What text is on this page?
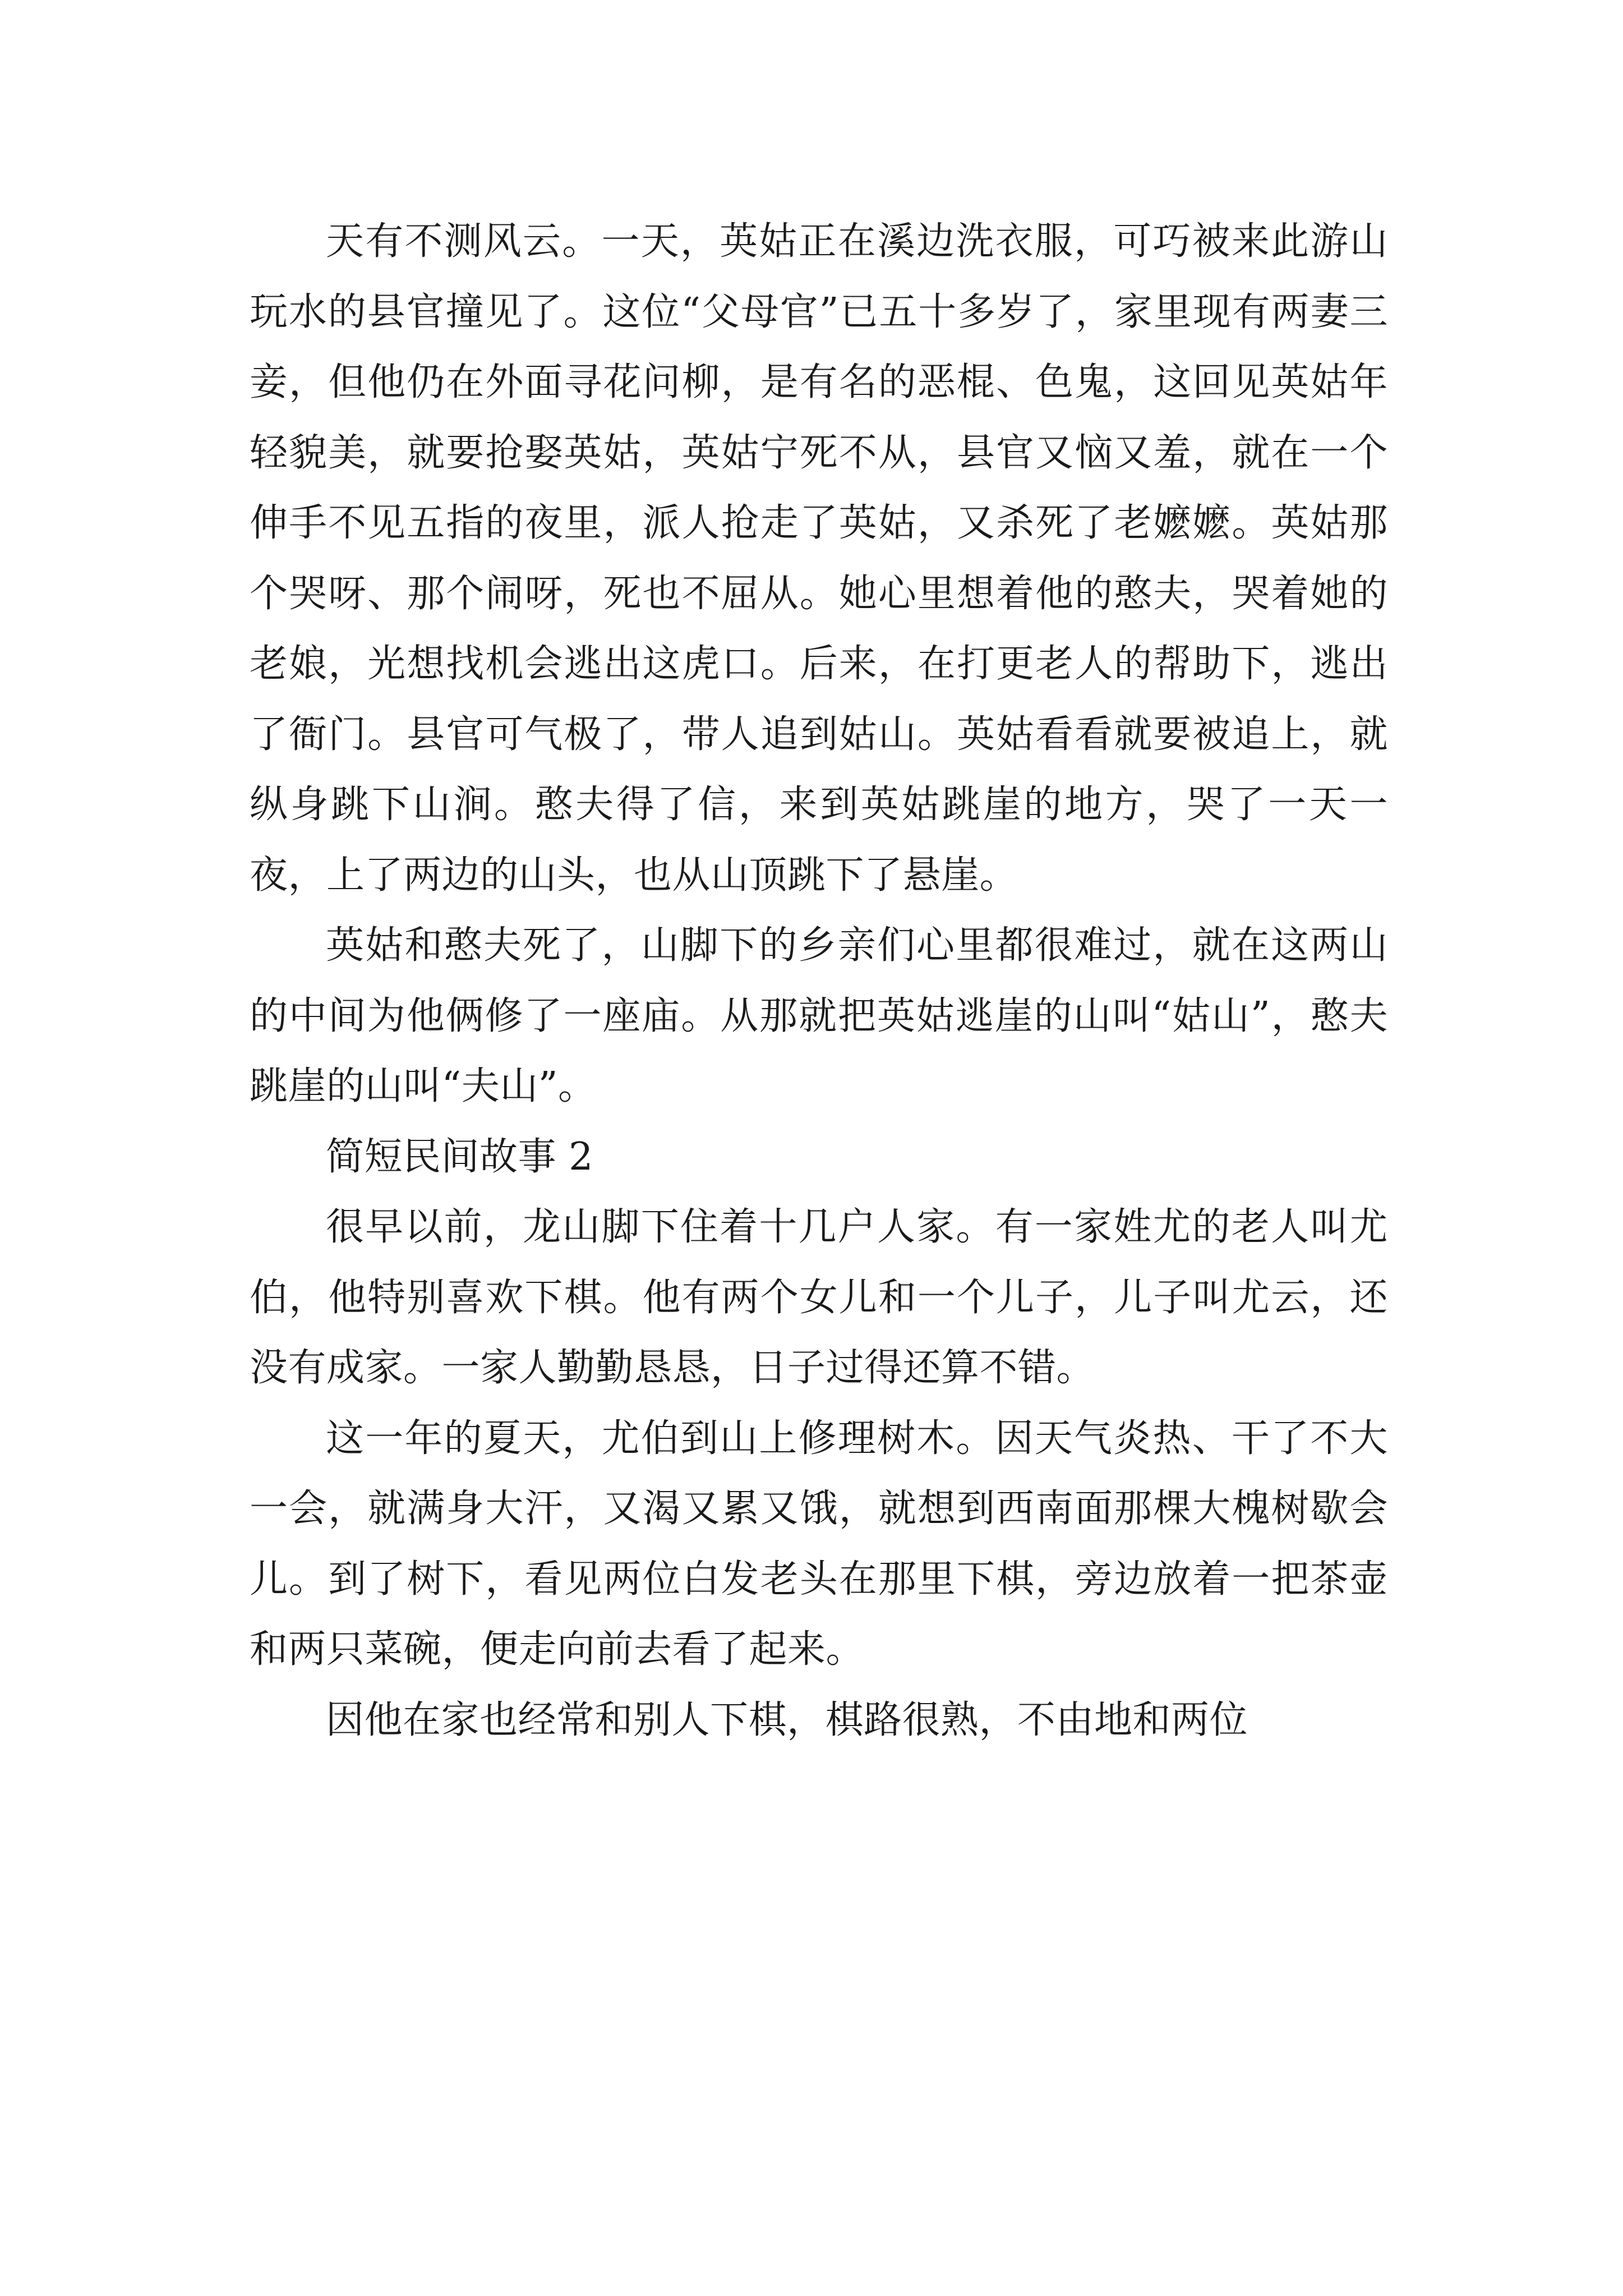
天有不测风云。一天，英姑正在溪边洗衣服，可巧被来此游山玩水的县官撞见了。这位“父母官”已五十多岁了，家里现有两妻三妾，但他仍在外面寻花问柳，是有名的恶棍、色鬼，这回见英姑年轻貌美，就要抢娶英姑，英姑宁死不从，县官又恼又羞，就在一个伸手不见五指的夜里，派人抢走了英姑，又杀死了老嬷嬷。英姑那个哭呀、那个闹呀，死也不屈从。她心里想着他的憨夫，哭着她的老娘，光想找机会逃出这虎口。后来，在打更老人的帮助下，逃出了衙门。县官可气极了，带人追到姑山。英姑看看就要被追上，就纵身跳下山涧。憨夫得了信，来到英姑跳崖的地方，哭了一天一夜，上了两边的山头，也从山顶跳下了悬崖。

英姑和憨夫死了，山脚下的乡亲们心里都很难过，就在这两山的中间为他俩修了一座庙。从那就把英姑逃崖的山叫“姑山”，憨夫跳崖的山叫“夫山”。

简短民间故事 2

很早以前，龙山脚下住着十几户人家。有一家姓尤的老人叫尤伯，他特别喜欢下棋。他有两个女儿和一个儿子，儿子叫尤云，还没有成家。一家人勤勤恳恳，日子过得还算不错。

这一年的夏天，尤伯到山上修理树木。因天气炎热、干了不大一会，就满身大汗，又渴又累又饿，就想到西南面那棵大槐树歇会儿。到了树下，看见两位白发老头在那里下棋，旁边放着一把茶壶和两只菜碗，便走向前去看了起来。

因他在家也经常和别人下棋，棋路很熟，不由地和两位
